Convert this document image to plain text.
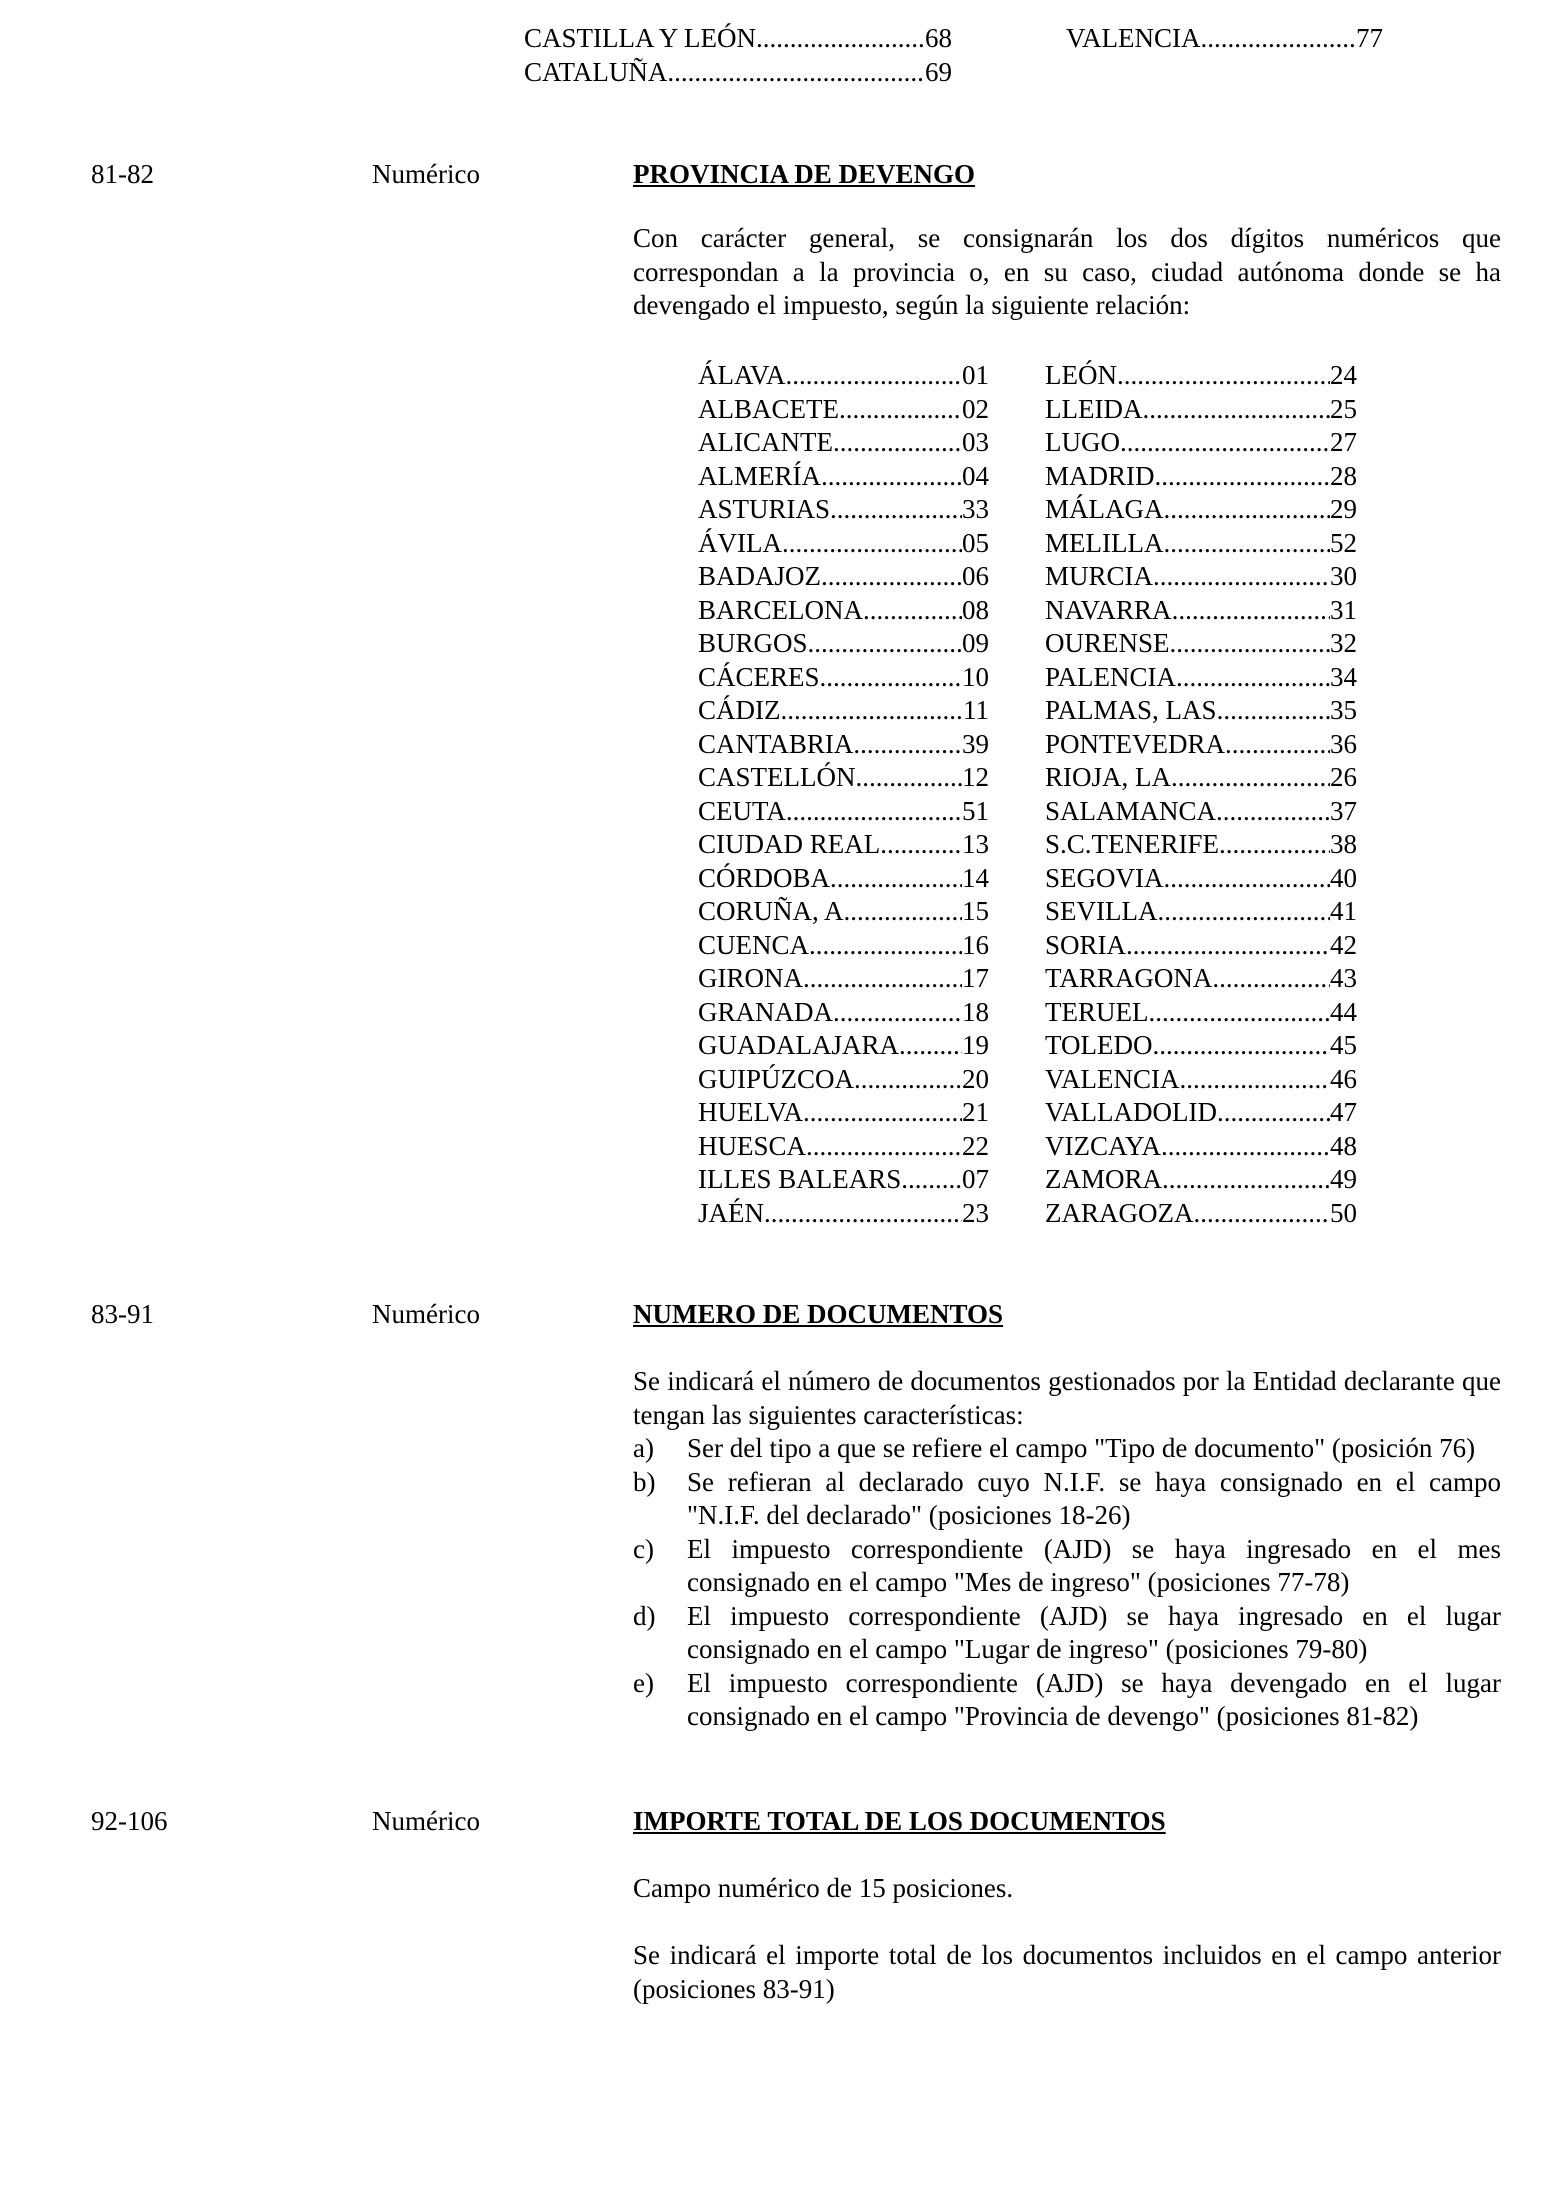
CASTILLA Y LEÓN .....	68
CATALUÑA .....	69
VALENCIA .....	77
81-82	Numérico	PROVINCIA DE DEVENGO
Con carácter general, se consignarán los dos dígitos numéricos que correspondan a la provincia o, en su caso, ciudad autónoma donde se ha devengado el impuesto, según la siguiente relación:
ÁLAVA .....	01
ALBACETE .....	02
ALICANTE .....	03
ALMERÍA .....	04
ASTURIAS .....	33
ÁVILA .....	05
BADAJOZ .....	06
BARCELONA .....	08
BURGOS .....	09
CÁCERES .....	10
CÁDIZ .....	11
CANTABRIA .....	39
CASTELLÓN .....	12
CEUTA .....	51
CIUDAD REAL .....	13
CÓRDOBA .....	14
CORUÑA, A. .....	15
CUENCA .....	16
GIRONA .....	17
GRANADA .....	18
GUADALAJARA ..... 19
GUIPÚZCOA .....	20
HUELVA .....	21
HUESCA .....	22
ILLES BALEARS ..... 07
JAÉN .....	23
LEÓN .....	24
LLEIDA .....	25
LUGO .....	27
MADRID .....	28
MÁLAGA .....	29
MELILLA .....	52
MURCIA .....	30
NAVARRA .....	31
OURENSE .....	32
PALENCIA .....	34
PALMAS, LAS .....	35
PONTEVEDRA .....	36
RIOJA, LA .....	26
SALAMANCA .....	37
S.C.TENERIFE .....	38
SEGOVIA .....	40
SEVILLA .....	41
SORIA .....	42
TARRAGONA .....	43
TERUEL .....	44
TOLEDO .....	45
VALENCIA .....	46
VALLADOLID .....	47
VIZCAYA .....	48
ZAMORA .....	49
ZARAGOZA .....	50
83-91	Numérico	NUMERO DE DOCUMENTOS
Se indicará el número de documentos gestionados por la Entidad declarante que tengan las siguientes características:
a)	Ser del tipo a que se refiere el campo "Tipo de documento" (posición 76)
b)	Se refieran al declarado cuyo N.I.F. se haya consignado en el campo "N.I.F. del declarado" (posiciones 18-26)
c)	El impuesto correspondiente (AJD) se haya ingresado en el mes consignado en el campo "Mes de ingreso" (posiciones 77-78)
d)	El impuesto correspondiente (AJD) se haya ingresado en el lugar consignado en el campo "Lugar de ingreso" (posiciones 79-80)
e)	El impuesto correspondiente (AJD) se haya devengado en el lugar consignado en el campo "Provincia de devengo" (posiciones 81-82)
92-106	Numérico	IMPORTE TOTAL DE LOS DOCUMENTOS
Campo numérico de 15 posiciones.
Se indicará el importe total de los documentos incluidos en el campo anterior (posiciones 83-91)
